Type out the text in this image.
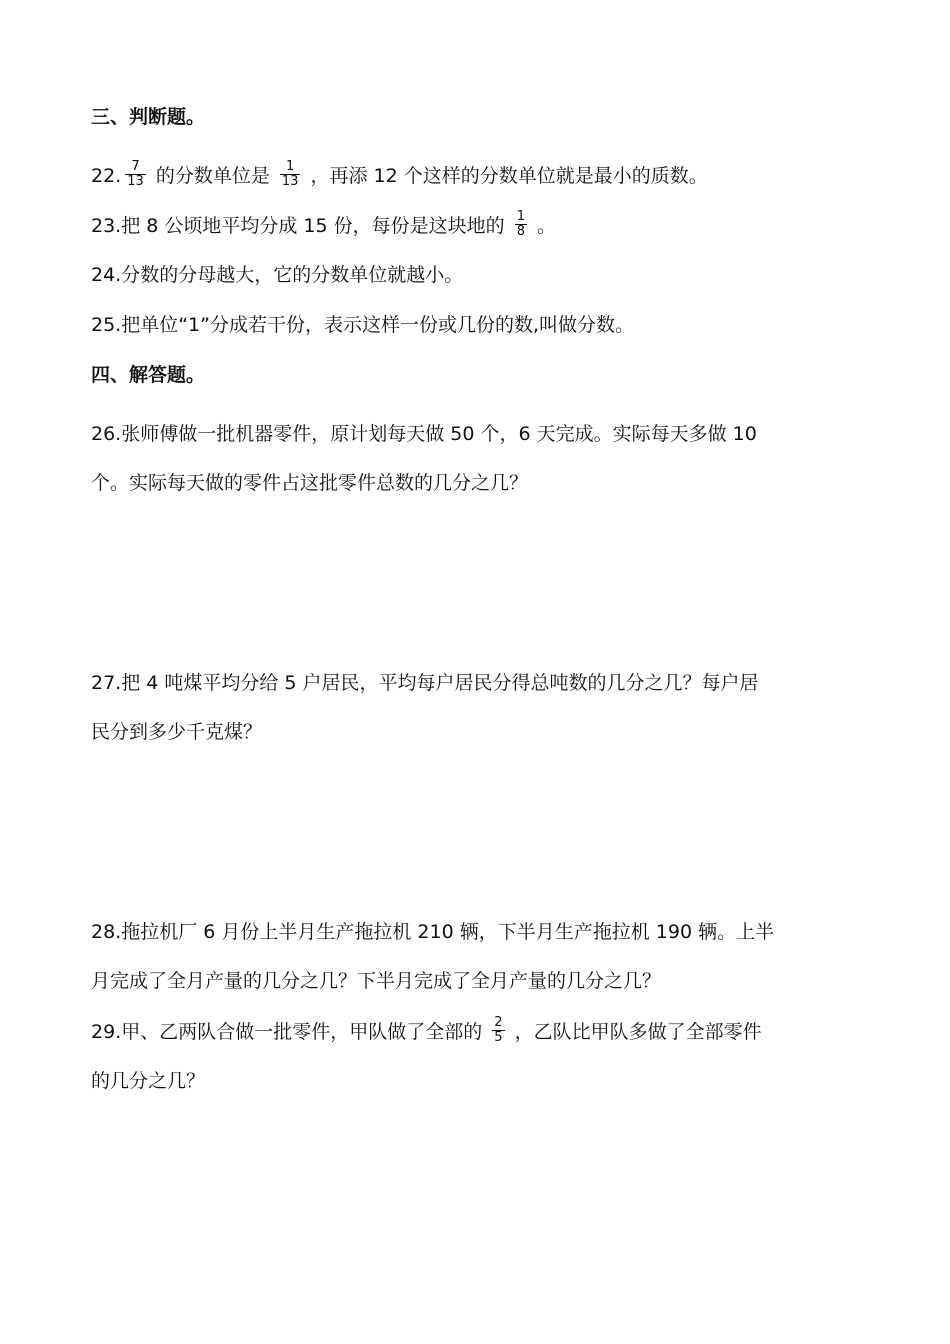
三、判断题。
22. $\frac{7}{13}$ 的分数单位是 $\frac{1}{13}$ ，再添 12 个这样的分数单位就是最小的质数。
23.把 8 公顷地平均分成 15 份，每份是这块地的 $\frac{1}{8}$ 。
24.分数的分母越大，它的分数单位就越小。
25.把单位“1”分成若干份，表示这样一份或几份的数,叫做分数。
四、解答题。
26.张师傅做一批机器零件，原计划每天做 50 个，6 天完成。实际每天多做 10
个。实际每天做的零件占这批零件总数的几分之几？
27.把 4 吨煤平均分给 5 户居民，平均每户居民分得总吨数的几分之几？每户居
民分到多少千克煤？
28.拖拉机厂 6 月份上半月生产拖拉机 210 辆，下半月生产拖拉机 190 辆。上半
月完成了全月产量的几分之几？下半月完成了全月产量的几分之几？
29.甲、乙两队合做一批零件，甲队做了全部的 $\frac{2}{5}$ ，乙队比甲队多做了全部零件
的几分之几？
